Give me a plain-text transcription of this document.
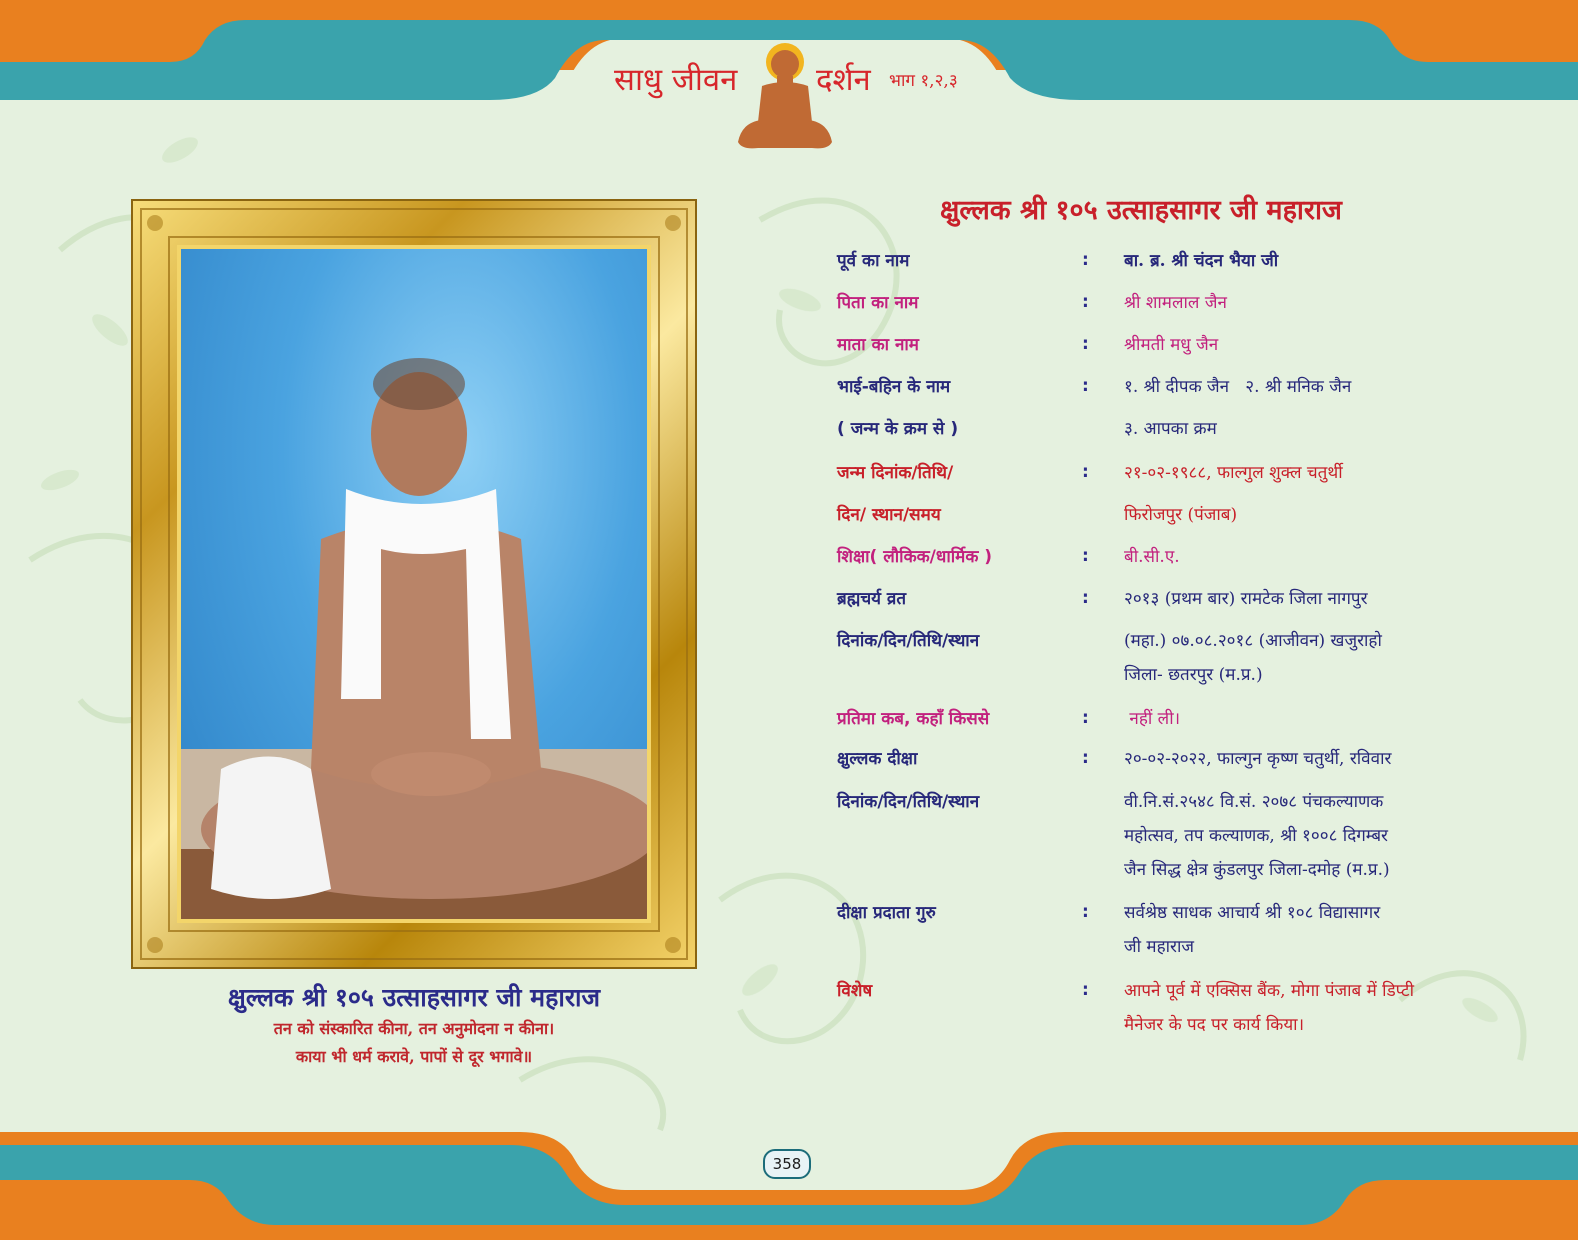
साधु जीवन	दर्शन भाग १,२,३
क्षुल्लक श्री १०५ उत्साहसागर जी महाराज
तन को संस्कारित कीना, तन अनुमोदना न कीना।
काया भी धर्म करावे, पापों से दूर भगावे॥
क्षुल्लक श्री १०५ उत्साहसागर जी महाराज
पूर्व का नाम	: बा. ब्र. श्री चंदन भैया जी
पिता का नाम	: श्री शामलाल जैन
माता का नाम	: श्रीमती मधु जैन
भाई-बहिन के नाम	: १. श्री दीपक जैन   २. श्री मनिक जैन
( जन्म के क्रम से )	३. आपका क्रम
जन्म दिनांक/तिथि/	: २१-०२-१९८८, फाल्गुल शुक्ल चतुर्थी
दिन/ स्थान/समय	फिरोजपुर (पंजाब)
शिक्षा( लौकिक/धार्मिक )	: बी.सी.ए.
ब्रह्मचर्य व्रत	: २०१३ (प्रथम बार) रामटेक जिला नागपुर
दिनांक/दिन/तिथि/स्थान	(महा.) ०७.०८.२०१८ (आजीवन) खजुराहो
जिला- छतरपुर (म.प्र.)
प्रतिमा कब, कहाँ किससे	: नहीं ली।
क्षुल्लक दीक्षा	: २०-०२-२०२२, फाल्गुन कृष्ण चतुर्थी, रविवार
दिनांक/दिन/तिथि/स्थान	वी.नि.सं.२५४८ वि.सं. २०७८ पंचकल्याणक
महोत्सव, तप कल्याणक, श्री १००८ दिगम्बर
जैन सिद्ध क्षेत्र कुंडलपुर जिला-दमोह (म.प्र.)
दीक्षा प्रदाता गुरु	: सर्वश्रेष्ठ साधक आचार्य श्री १०८ विद्यासागर
जी महाराज
विशेष	: आपने पूर्व में एक्सिस बैंक, मोगा पंजाब में डिप्टी
मैनेजर के पद पर कार्य किया।
358
